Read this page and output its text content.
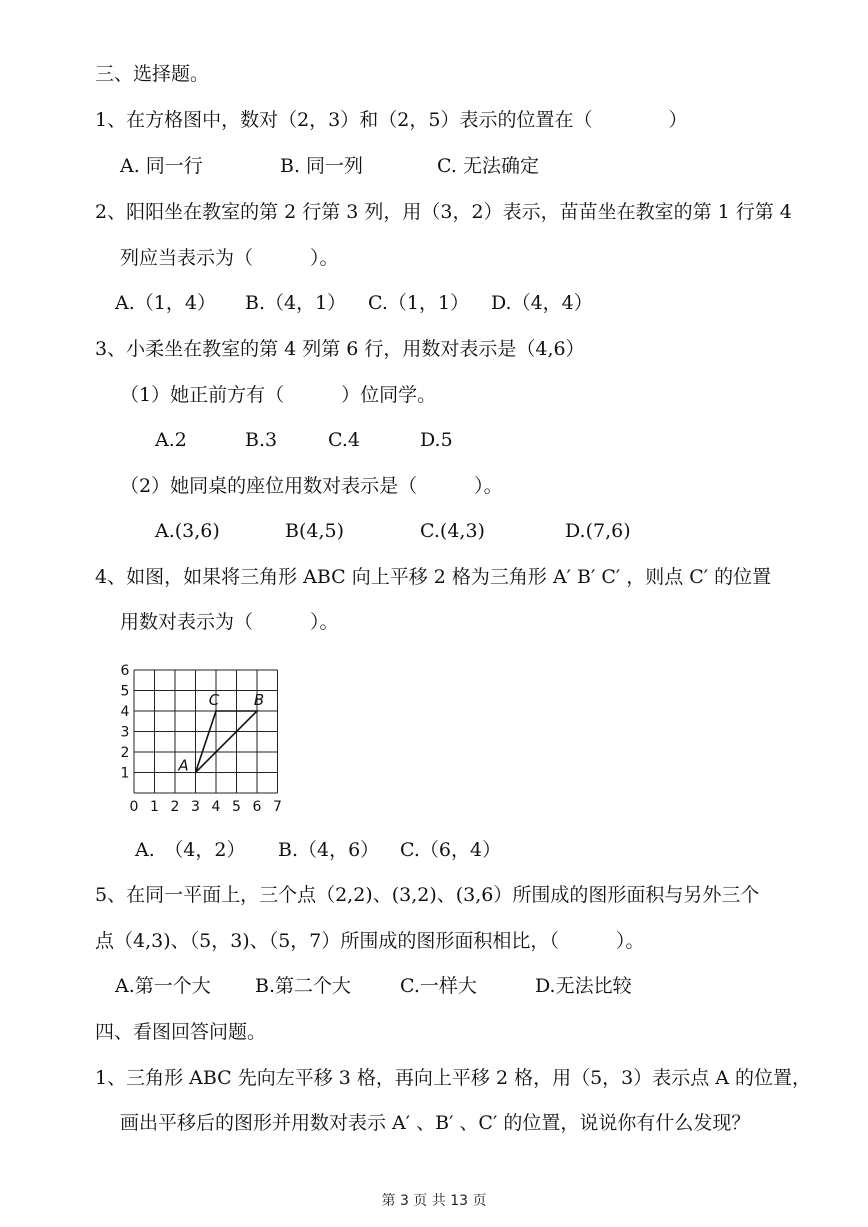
三、选择题。
1、在方格图中，数对（2，3）和（2，5）表示的位置在（　　　　）
A. 同一行	B. 同一列	C. 无法确定
2、阳阳坐在教室的第 2 行第 3 列，用（3，2）表示，苗苗坐在教室的第 1 行第 4
列应当表示为（　　　）。
A.（1，4） B.（4，1） C.（1，1） D.（4，4）
3、小柔坐在教室的第 4 列第 6 行，用数对表示是（4,6）
（1）她正前方有（　　　）位同学。
A.2	B.3	C.4	D.5
（2）她同桌的座位用数对表示是（　　　）。
A.(3,6)	B(4,5)	C.(4,3)	D.(7,6)
4、如图，如果将三角形 ABC 向上平移 2 格为三角形 A′ B′ C′ ，则点 C′ 的位置
用数对表示为（　　　）。
0 1 2 3 4 5 6 7
1
2
3
4
5
6
A
C B
A.　（4，2） B.（4，6） C.（6，4）
5、在同一平面上，三个点（2,2)、(3,2)、(3,6）所围成的图形面积与另外三个
点（4,3)、（5，3)、（5，7）所围成的图形面积相比，（　　　）。
A.第一个大 B.第二个大	C.一样大	D.无法比较
四、看图回答问题。
1、三角形 ABC 先向左平移 3 格，再向上平移 2 格，用（5，3）表示点 A 的位置，
画出平移后的图形并用数对表示 A′ 、B′ 、C′ 的位置，说说你有什么发现？
第 3 页 共 13 页
